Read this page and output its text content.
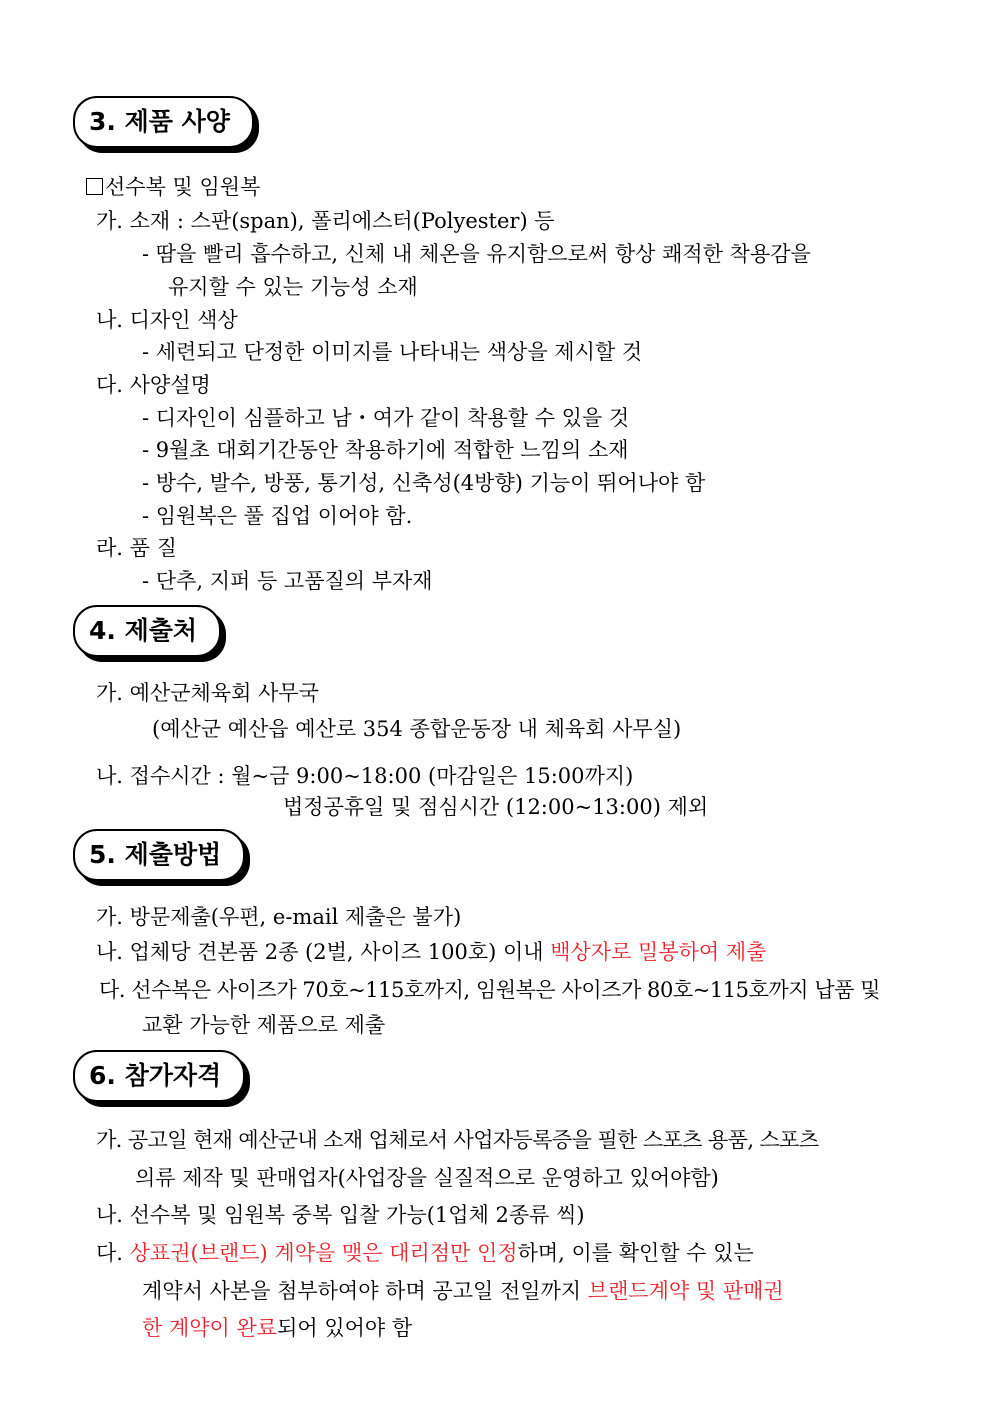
3. 제품 사양
선수복 및 임원복
가. 소재 : 스판(span), 폴리에스터(Polyester) 등
- 땀을 빨리 흡수하고, 신체 내 체온을 유지함으로써 항상 쾌적한 착용감을
유지할 수 있는 기능성 소재
나. 디자인 색상
- 세련되고 단정한 이미지를 나타내는 색상을 제시할 것
다. 사양설명
- 디자인이 심플하고 남・여가 같이 착용할 수 있을 것
- 9월초 대회기간동안 착용하기에 적합한 느낌의 소재
- 방수, 발수, 방풍, 통기성, 신축성(4방향) 기능이 뛰어나야 함
- 임원복은 풀 집업 이어야 함.
라. 품 질
- 단추, 지퍼 등 고품질의 부자재
4. 제출처
가. 예산군체육회 사무국
(예산군 예산읍 예산로 354 종합운동장 내 체육회 사무실)
나. 접수시간 : 월~금 9:00~18:00 (마감일은 15:00까지)
법정공휴일 및 점심시간 (12:00~13:00) 제외
5. 제출방법
가. 방문제출(우편, e-mail 제출은 불가)
나. 업체당 견본품 2종 (2벌, 사이즈 100호) 이내 백상자로 밀봉하여 제출
다. 선수복은 사이즈가 70호~115호까지, 임원복은 사이즈가 80호~115호까지 납품 및
교환 가능한 제품으로 제출
6. 참가자격
가. 공고일 현재 예산군내 소재 업체로서 사업자등록증을 필한 스포츠 용품, 스포츠
의류 제작 및 판매업자(사업장을 실질적으로 운영하고 있어야함)
나. 선수복 및 임원복 중복 입찰 가능(1업체 2종류 씩)
다. 상표권(브랜드) 계약을 맺은 대리점만 인정하며, 이를 확인할 수 있는
계약서 사본을 첨부하여야 하며 공고일 전일까지 브랜드계약 및 판매권
한 계약이 완료되어 있어야 함
